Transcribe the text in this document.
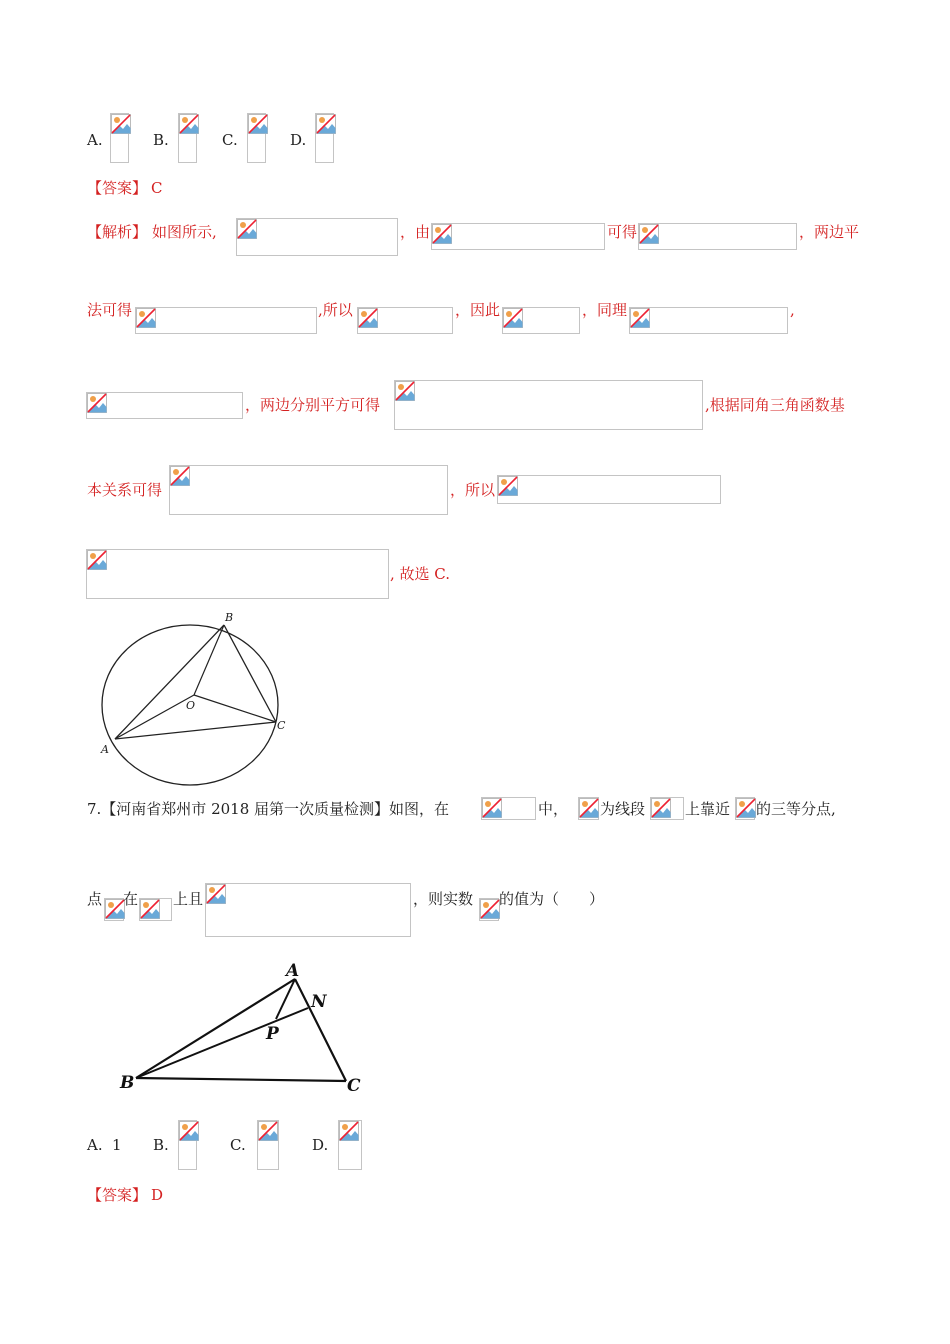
A.	B.	C.	D.
【答案】 C
【解析】 如图所示,	，由	可得	，两边平
法可得	,所以	，因此	，同理	,
，两边分别平方可得	,根据同角三角函数基
本关系可得	，所以
, 故选 C.
B
O
C
A
7.【河南省郑州市 2018 届第一次质量检测】如图，在	中， 为线段	上靠近 的三等分点,
点 在 上且	，则实数 的值为（　　）
A
N
P
B	C
A. 1 B.	C.	D.
【答案】 D
